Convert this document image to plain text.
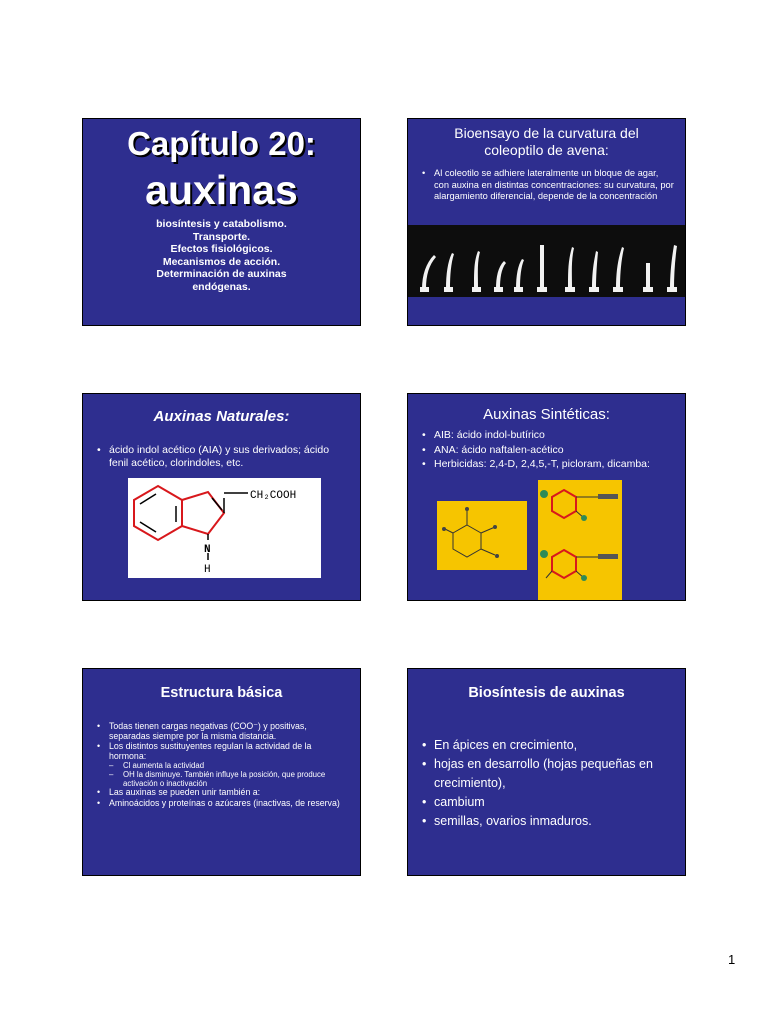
Capítulo 20:
auxinas
biosíntesis y catabolismo.
Transporte.
Efectos fisiológicos.
Mecanismos de acción.
Determinación de auxinas
endógenas.
Bioensayo de la curvatura del
coleoptilo de avena:
• Al coleotilo se adhiere lateralmente un bloque de agar, con auxina en distintas concentraciones: su curvatura, por alargamiento diferencial, depende de la concentración
Auxinas Naturales:
• ácido indol acético (AIA) y sus derivados; ácido fenil acético, clorindoles, etc.
CH₂COOH
N
H
Auxinas Sintéticas:
• AIB: ácido indol-butírico
• ANA: ácido naftalen-acético
• Herbicidas: 2,4-D, 2,4,5,-T, picloram, dicamba:
Estructura básica
• Todas tienen cargas negativas (COO⁻) y positivas, separadas siempre por la misma distancia.
• Los distintos sustituyentes regulan la actividad de la hormona:
– Cl aumenta la actividad
– OH la disminuye. También influye la posición, que produce activación o inactivación
• Las auxinas se pueden unir también a:
• Aminoácidos y proteínas o azúcares (inactivas, de reserva)
Biosíntesis de auxinas
• En ápices en crecimiento,
• hojas en desarrollo (hojas pequeñas en crecimiento),
• cambium
• semillas, ovarios inmaduros.
1
